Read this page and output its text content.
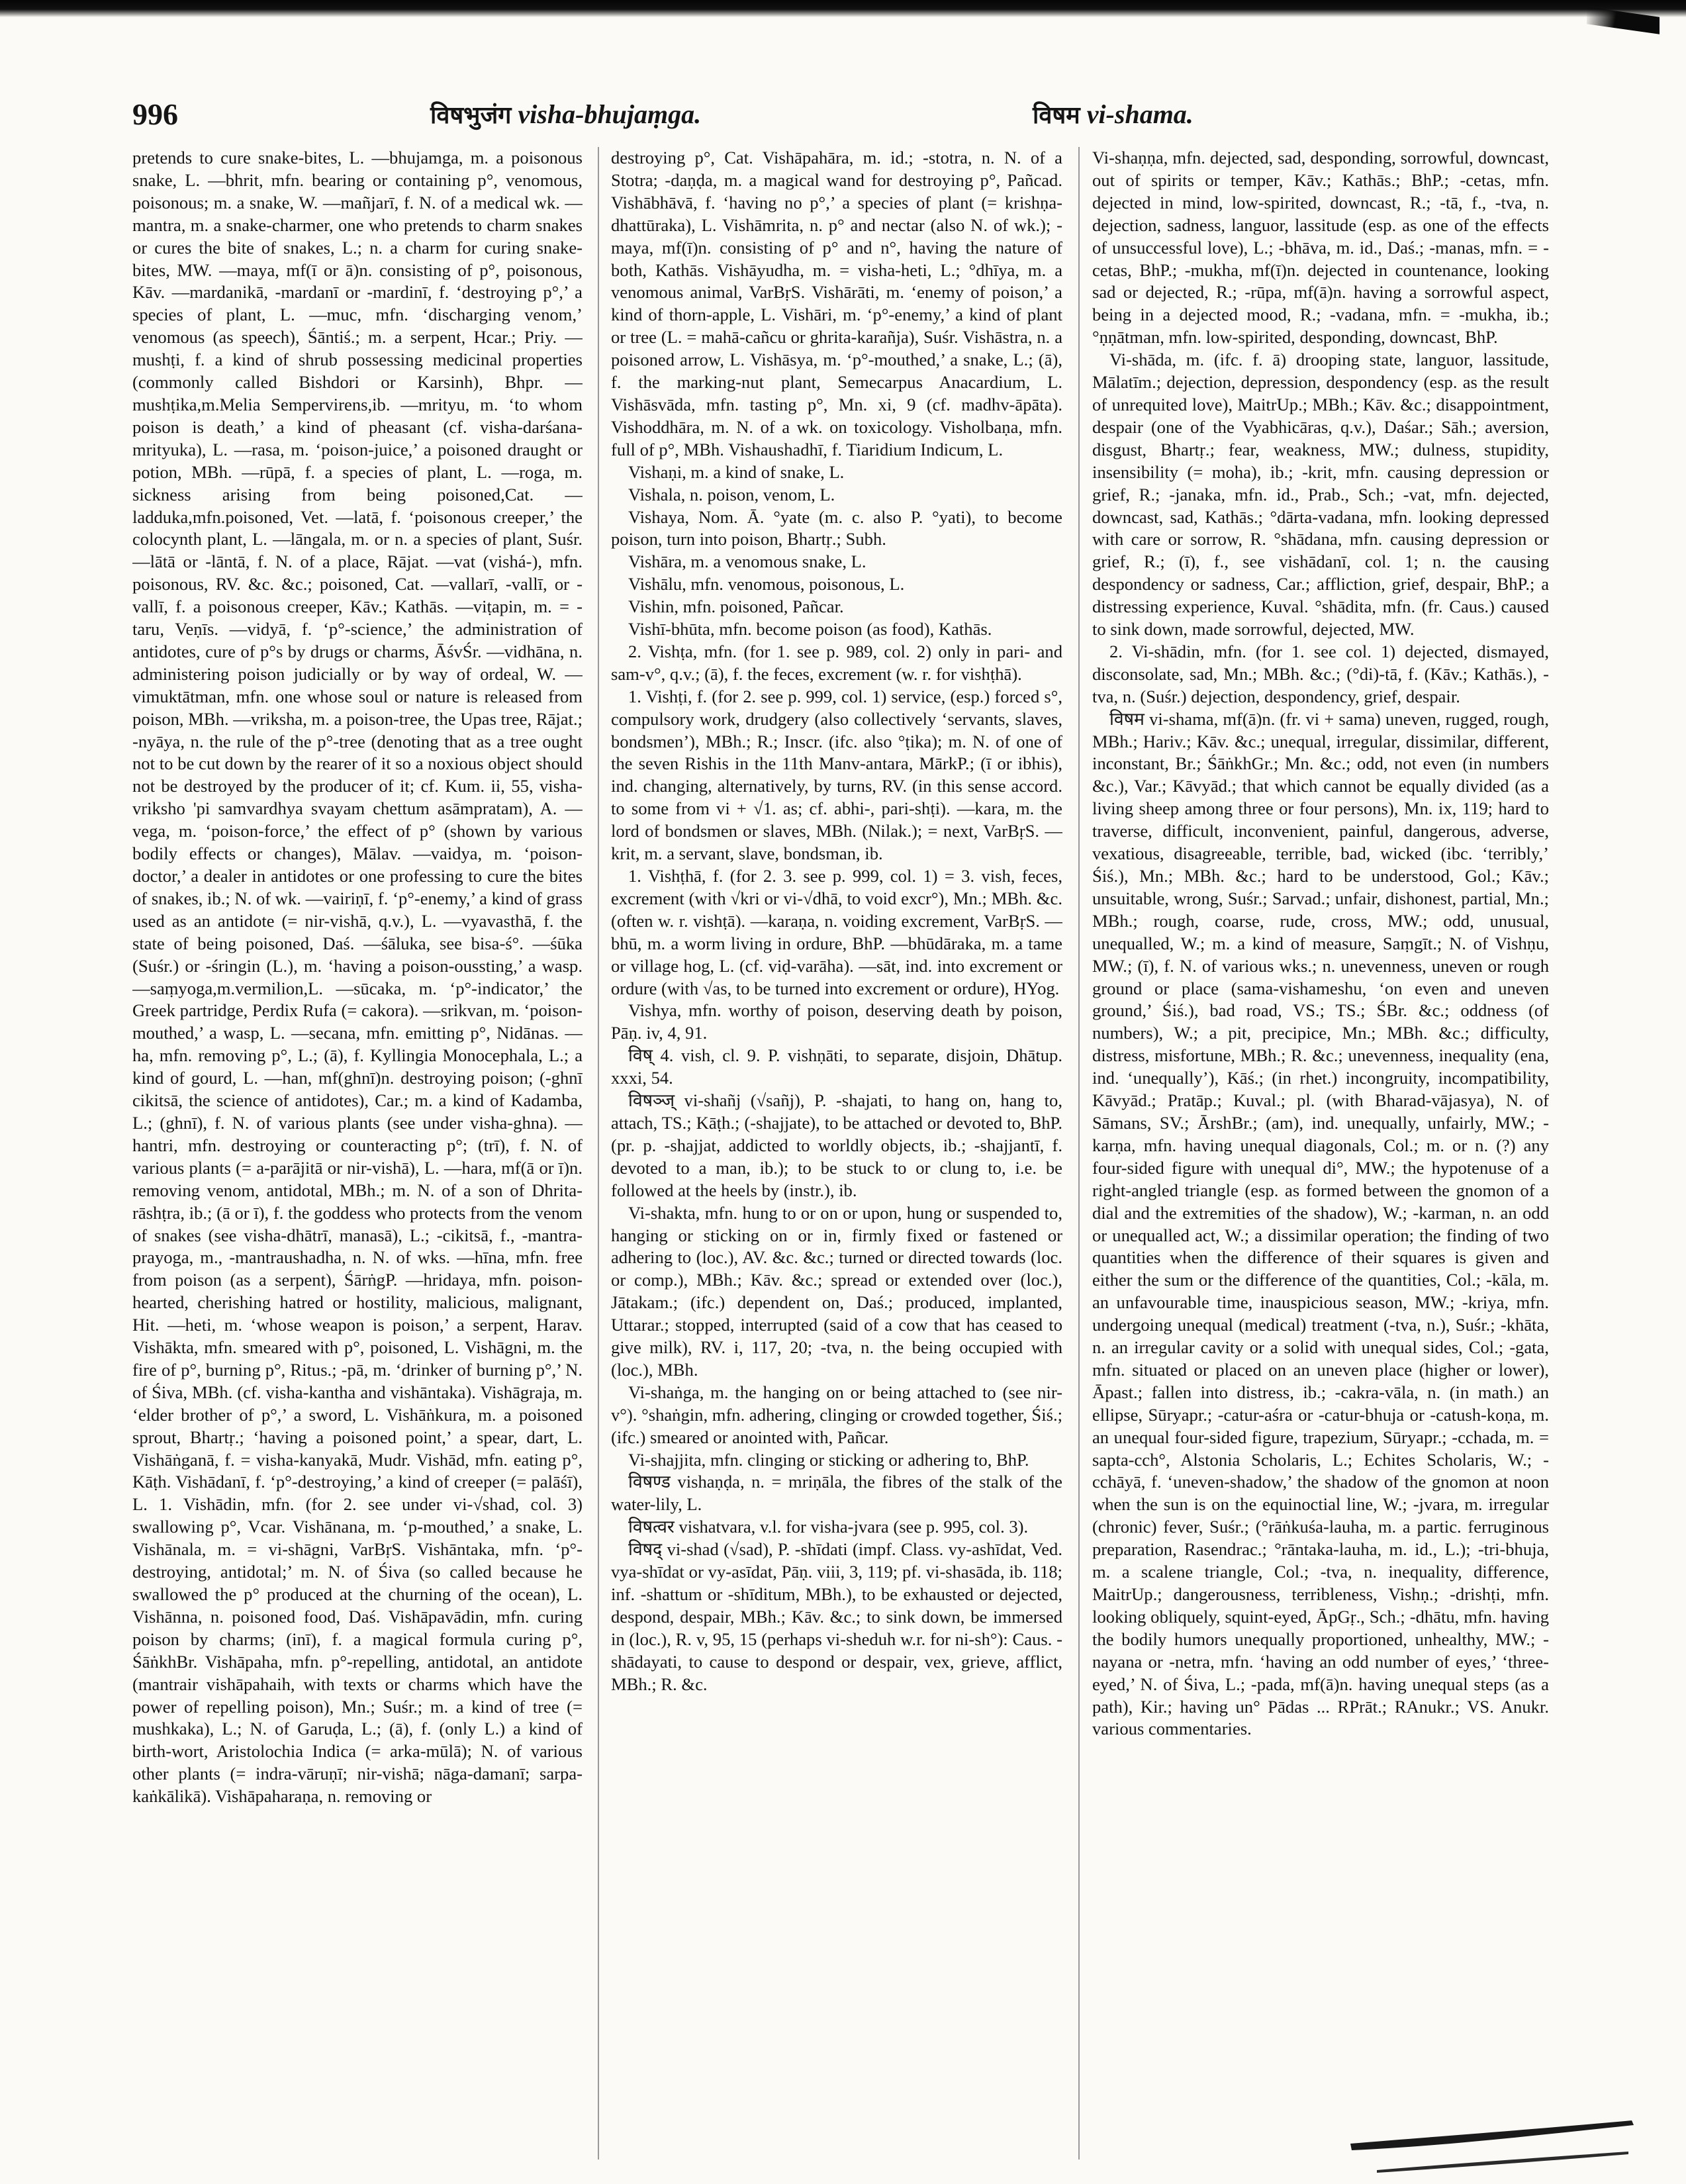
996	विषभुजंग visha-bhujaṃga.	विषम vi-shama.

pretends to cure snake-bites, L. —bhujamga, m. a poisonous snake, L. —bhrit, mfn. bearing or containing p°, venomous, poisonous; m. a snake, W. —mañjarī, f. N. of a medical wk. —mantra, m. a snake-charmer, one who pretends to charm snakes or cures the bite of snakes, L.; n. a charm for curing snake-bites, MW. —maya, mf(ī or ā)n. consisting of p°, poisonous, Kāv. —mardanikā, -mardanī or -mardinī, f. ‘destroying p°,’ a species of plant, L. —muc, mfn. ‘discharging venom,’ venomous (as speech), Śāntiś.; m. a serpent, Hcar.; Priy. —mushṭi, f. a kind of shrub possessing medicinal properties (commonly called Bishdori or Karsinh), Bhpr. —mushṭika,m.Melia Sempervirens,ib. —mrityu, m. ‘to whom poison is death,’ a kind of pheasant (cf. visha-darśana-mrityuka), L. —rasa, m. ‘poison-juice,’ a poisoned draught or potion, MBh. —rūpā, f. a species of plant, L. —roga, m. sickness arising from being poisoned,Cat. —ladduka,mfn.poisoned, Vet. —latā, f. ‘poisonous creeper,’ the colocynth plant, L. —lāngala, m. or n. a species of plant, Suśr. —lātā or -lāntā, f. N. of a place, Rājat. —vat (vishá-), mfn. poisonous, RV. &c. &c.; poisoned, Cat. —vallarī, -vallī, or -vallī, f. a poisonous creeper, Kāv.; Kathās. —viṭapin, m. = -taru, Veṇīs. —vidyā, f. ‘p°-science,’ the administration of antidotes, cure of p°s by drugs or charms, ĀśvŚr. —vidhāna, n. administering poison judicially or by way of ordeal, W. —vimuktātman, mfn. one whose soul or nature is released from poison, MBh. —vriksha, m. a poison-tree, the Upas tree, Rājat.; -nyāya, n. the rule of the p°-tree (denoting that as a tree ought not to be cut down by the rearer of it so a noxious object should not be destroyed by the producer of it; cf. Kum. ii, 55, visha-vriksho 'pi samvardhya svayam chettum asāmpratam), A. —vega, m. ‘poison-force,’ the effect of p° (shown by various bodily effects or changes), Mālav. —vaidya, m. ‘poison-doctor,’ a dealer in antidotes or one professing to cure the bites of snakes, ib.; N. of wk. —vairiṇī, f. ‘p°-enemy,’ a kind of grass used as an antidote (= nir-vishā, q.v.), L. —vyavasthā, f. the state of being poisoned, Daś. —śāluka, see bisa-ś°. —śūka (Suśr.) or -śringin (L.), m. ‘having a poison-oussting,’ a wasp. —saṃyoga,m.vermilion,L. —sūcaka, m. ‘p°-indicator,’ the Greek partridge, Perdix Rufa (= cakora). —srikvan, m. ‘poison-mouthed,’ a wasp, L. —secana, mfn. emitting p°, Nidānas. —ha, mfn. removing p°, L.; (ā), f. Kyllingia Monocephala, L.; a kind of gourd, L. —han, mf(ghnī)n. destroying poison; (-ghnī cikitsā, the science of antidotes), Car.; m. a kind of Kadamba, L.; (ghnī), f. N. of various plants (see under visha-ghna). —hantri, mfn. destroying or counteracting p°; (trī), f. N. of various plants (= a-parājitā or nir-vishā), L. —hara, mf(ā or ī)n. removing venom, antidotal, MBh.; m. N. of a son of Dhrita-rāshṭra, ib.; (ā or ī), f. the goddess who protects from the venom of snakes (see visha-dhātrī, manasā), L.; -cikitsā, f., -mantra-prayoga, m., -mantraushadha, n. N. of wks. —hīna, mfn. free from poison (as a serpent), ŚārṅgP. —hridaya, mfn. poison-hearted, cherishing hatred or hostility, malicious, malignant, Hit. —heti, m. ‘whose weapon is poison,’ a serpent, Harav. Vishākta, mfn. smeared with p°, poisoned, L. Vishāgni, m. the fire of p°, burning p°, Ritus.; -pā, m. ‘drinker of burning p°,’ N. of Śiva, MBh. (cf. visha-kantha and vishāntaka). Vishāgraja, m. ‘elder brother of p°,’ a sword, L. Vishāṅkura, m. a poisoned sprout, Bhartṛ.; ‘having a poisoned point,’ a spear, dart, L. Vishāṅganā, f. = visha-kanyakā, Mudr. Vishād, mfn. eating p°, Kāṭh. Vishādanī, f. ‘p°-destroying,’ a kind of creeper (= palāśī), L. 1. Vishādin, mfn. (for 2. see under vi-√shad, col. 3) swallowing p°, Vcar. Vishānana, m. ‘p-mouthed,’ a snake, L. Vishānala, m. = vi-shāgni, VarBṛS. Vishāntaka, mfn. ‘p°-destroying, antidotal;’ m. N. of Śiva (so called because he swallowed the p° produced at the churning of the ocean), L. Vishānna, n. poisoned food, Daś. Vishāpavādin, mfn. curing poison by charms; (inī), f. a magical formula curing p°, ŚāṅkhBr. Vishāpaha, mfn. p°-repelling, antidotal, an antidote (mantrair vishāpahaih, with texts or charms which have the power of repelling poison), Mn.; Suśr.; m. a kind of tree (= mushkaka), L.; N. of Garuḍa, L.; (ā), f. (only L.) a kind of birth-wort, Aristolochia Indica (= arka-mūlā); N. of various other plants (= indra-vāruṇī; nir-vishā; nāga-damanī; sarpa-kaṅkālikā). Vishāpaharaṇa, n. removing or

destroying p°, Cat. Vishāpahāra, m. id.; -stotra, n. N. of a Stotra; -daṇḍa, m. a magical wand for destroying p°, Pañcad. Vishābhāvā, f. ‘having no p°,’ a species of plant (= krishṇa-dhattūraka), L. Vishāmrita, n. p° and nectar (also N. of wk.); -maya, mf(ī)n. consisting of p° and n°, having the nature of both, Kathās. Vishāyudha, m. = visha-heti, L.; °dhīya, m. a venomous animal, VarBṛS. Vishārāti, m. ‘enemy of poison,’ a kind of thorn-apple, L. Vishāri, m. ‘p°-enemy,’ a kind of plant or tree (L. = mahā-cañcu or ghrita-karañja), Suśr. Vishāstra, n. a poisoned arrow, L. Vishāsya, m. ‘p°-mouthed,’ a snake, L.; (ā), f. the marking-nut plant, Semecarpus Anacardium, L. Vishāsvāda, mfn. tasting p°, Mn. xi, 9 (cf. madhv-āpāta). Vishoddhāra, m. N. of a wk. on toxicology. Visholbaṇa, mfn. full of p°, MBh. Vishaushadhī, f. Tiaridium Indicum, L.

Vishaṇi, m. a kind of snake, L.

Vishala, n. poison, venom, L.

Vishaya, Nom. Ā. °yate (m. c. also P. °yati), to become poison, turn into poison, Bhartṛ.; Subh.

Vishāra, m. a venomous snake, L.

Vishālu, mfn. venomous, poisonous, L.

Vishin, mfn. poisoned, Pañcar.

Vishī-bhūta, mfn. become poison (as food), Kathās.

2. Vishṭa, mfn. (for 1. see p. 989, col. 2) only in pari- and sam-v°, q.v.; (ā), f. the feces, excrement (w. r. for vishṭhā).

1. Vishṭi, f. (for 2. see p. 999, col. 1) service, (esp.) forced s°, compulsory work, drudgery (also collectively ‘servants, slaves, bondsmen’), MBh.; R.; Inscr. (ifc. also °ṭika); m. N. of one of the seven Rishis in the 11th Manv-antara, MārkP.; (ī or ibhis), ind. changing, alternatively, by turns, RV. (in this sense accord. to some from vi + √1. as; cf. abhi-, pari-shṭi). —kara, m. the lord of bondsmen or slaves, MBh. (Nilak.); = next, VarBṛS. —krit, m. a servant, slave, bondsman, ib.

1. Vishṭhā, f. (for 2. 3. see p. 999, col. 1) = 3. vish, feces, excrement (with √kri or vi-√dhā, to void excr°), Mn.; MBh. &c. (often w. r. vishṭā). —karaṇa, n. voiding excrement, VarBṛS. —bhū, m. a worm living in ordure, BhP. —bhūdāraka, m. a tame or village hog, L. (cf. viḍ-varāha). —sāt, ind. into excrement or ordure (with √as, to be turned into excrement or ordure), HYog.

Vishya, mfn. worthy of poison, deserving death by poison, Pāṇ. iv, 4, 91.

विष् 4. vish, cl. 9. P. vishṇāti, to separate, disjoin, Dhātup. xxxi, 54.

विषञ्ज् vi-shañj (√sañj), P. -shajati, to hang on, hang to, attach, TS.; Kāṭh.; (-shajjate), to be attached or devoted to, BhP. (pr. p. -shajjat, addicted to worldly objects, ib.; -shajjantī, f. devoted to a man, ib.); to be stuck to or clung to, i.e. be followed at the heels by (instr.), ib.

Vi-shakta, mfn. hung to or on or upon, hung or suspended to, hanging or sticking on or in, firmly fixed or fastened or adhering to (loc.), AV. &c. &c.; turned or directed towards (loc. or comp.), MBh.; Kāv. &c.; spread or extended over (loc.), Jātakam.; (ifc.) dependent on, Daś.; produced, implanted, Uttarar.; stopped, interrupted (said of a cow that has ceased to give milk), RV. i, 117, 20; -tva, n. the being occupied with (loc.), MBh.

Vi-shaṅga, m. the hanging on or being attached to (see nir-v°). °shaṅgin, mfn. adhering, clinging or crowded together, Śiś.; (ifc.) smeared or anointed with, Pañcar.

Vi-shajjita, mfn. clinging or sticking or adhering to, BhP.

विषण्ड vishaṇḍa, n. = mriṇāla, the fibres of the stalk of the water-lily, L.

विषत्वर vishatvara, v.l. for visha-jvara (see p. 995, col. 3).

विषद् vi-shad (√sad), P. -shīdati (impf. Class. vy-ashīdat, Ved. vya-shīdat or vy-asīdat, Pāṇ. viii, 3, 119; pf. vi-shasāda, ib. 118; inf. -shattum or -shīditum, MBh.), to be exhausted or dejected, despond, despair, MBh.; Kāv. &c.; to sink down, be immersed in (loc.), R. v, 95, 15 (perhaps vi-sheduh w.r. for ni-sh°): Caus. -shādayati, to cause to despond or despair, vex, grieve, afflict, MBh.; R. &c.

Vi-shaṇṇa, mfn. dejected, sad, desponding, sorrowful, downcast, out of spirits or temper, Kāv.; Kathās.; BhP.; -cetas, mfn. dejected in mind, low-spirited, downcast, R.; -tā, f., -tva, n. dejection, sadness, languor, lassitude (esp. as one of the effects of unsuccessful love), L.; -bhāva, m. id., Daś.; -manas, mfn. = -cetas, BhP.; -mukha, mf(ī)n. dejected in countenance, looking sad or dejected, R.; -rūpa, mf(ā)n. having a sorrowful aspect, being in a dejected mood, R.; -vadana, mfn. = -mukha, ib.; °ṇṇātman, mfn. low-spirited, desponding, downcast, BhP.

Vi-shāda, m. (ifc. f. ā) drooping state, languor, lassitude, Mālatīm.; dejection, depression, despondency (esp. as the result of unrequited love), MaitrUp.; MBh.; Kāv. &c.; disappointment, despair (one of the Vyabhicāras, q.v.), Daśar.; Sāh.; aversion, disgust, Bhartṛ.; fear, weakness, MW.; dulness, stupidity, insensibility (= moha), ib.; -krit, mfn. causing depression or grief, R.; -janaka, mfn. id., Prab., Sch.; -vat, mfn. dejected, downcast, sad, Kathās.; °dārta-vadana, mfn. looking depressed with care or sorrow, R. °shādana, mfn. causing depression or grief, R.; (ī), f., see vishādanī, col. 1; n. the causing despondency or sadness, Car.; affliction, grief, despair, BhP.; a distressing experience, Kuval. °shādita, mfn. (fr. Caus.) caused to sink down, made sorrowful, dejected, MW.

2. Vi-shādin, mfn. (for 1. see col. 1) dejected, dismayed, disconsolate, sad, Mn.; MBh. &c.; (°di)-tā, f. (Kāv.; Kathās.), -tva, n. (Suśr.) dejection, despondency, grief, despair.

विषम vi-shama, mf(ā)n. (fr. vi + sama) uneven, rugged, rough, MBh.; Hariv.; Kāv. &c.; unequal, irregular, dissimilar, different, inconstant, Br.; ŚāṅkhGr.; Mn. &c.; odd, not even (in numbers &c.), Var.; Kāvyād.; that which cannot be equally divided (as a living sheep among three or four persons), Mn. ix, 119; hard to traverse, difficult, inconvenient, painful, dangerous, adverse, vexatious, disagreeable, terrible, bad, wicked (ibc. ‘terribly,’ Śiś.), Mn.; MBh. &c.; hard to be understood, Gol.; Kāv.; unsuitable, wrong, Suśr.; Sarvad.; unfair, dishonest, partial, Mn.; MBh.; rough, coarse, rude, cross, MW.; odd, unusual, unequalled, W.; m. a kind of measure, Saṃgīt.; N. of Vishṇu, MW.; (ī), f. N. of various wks.; n. unevenness, uneven or rough ground or place (sama-vishameshu, ‘on even and uneven ground,’ Śiś.), bad road, VS.; TS.; ŚBr. &c.; oddness (of numbers), W.; a pit, precipice, Mn.; MBh. &c.; difficulty, distress, misfortune, MBh.; R. &c.; unevenness, inequality (ena, ind. ‘unequally’), Kāś.; (in rhet.) incongruity, incompatibility, Kāvyād.; Pratāp.; Kuval.; pl. (with Bharad-vājasya), N. of Sāmans, SV.; ĀrshBr.; (am), ind. unequally, unfairly, MW.; -karṇa, mfn. having unequal diagonals, Col.; m. or n. (?) any four-sided figure with unequal di°, MW.; the hypotenuse of a right-angled triangle (esp. as formed between the gnomon of a dial and the extremities of the shadow), W.; -karman, n. an odd or unequalled act, W.; a dissimilar operation; the finding of two quantities when the difference of their squares is given and either the sum or the difference of the quantities, Col.; -kāla, m. an unfavourable time, inauspicious season, MW.; -kriya, mfn. undergoing unequal (medical) treatment (-tva, n.), Suśr.; -khāta, n. an irregular cavity or a solid with unequal sides, Col.; -gata, mfn. situated or placed on an uneven place (higher or lower), Āpast.; fallen into distress, ib.; -cakra-vāla, n. (in math.) an ellipse, Sūryapr.; -catur-aśra or -catur-bhuja or -catush-koṇa, m. an unequal four-sided figure, trapezium, Sūryapr.; -cchada, m. = sapta-cch°, Alstonia Scholaris, L.; Echites Scholaris, W.; -cchāyā, f. ‘uneven-shadow,’ the shadow of the gnomon at noon when the sun is on the equinoctial line, W.; -jvara, m. irregular (chronic) fever, Suśr.; (°rāṅkuśa-lauha, m. a partic. ferruginous preparation, Rasendrac.; °rāntaka-lauha, m. id., L.); -tri-bhuja, m. a scalene triangle, Col.; -tva, n. inequality, difference, MaitrUp.; dangerousness, terribleness, Vishṇ.; -drishṭi, mfn. looking obliquely, squint-eyed, ĀpGṛ., Sch.; -dhātu, mfn. having the bodily humors unequally proportioned, unhealthy, MW.; -nayana or -netra, mfn. ‘having an odd number of eyes,’ ‘three-eyed,’ N. of Śiva, L.; -pada, mf(ā)n. having unequal steps (as a path), Kir.; having un° Pādas ... RPrāt.; RAnukr.; VS. Anukr. various commentaries.
